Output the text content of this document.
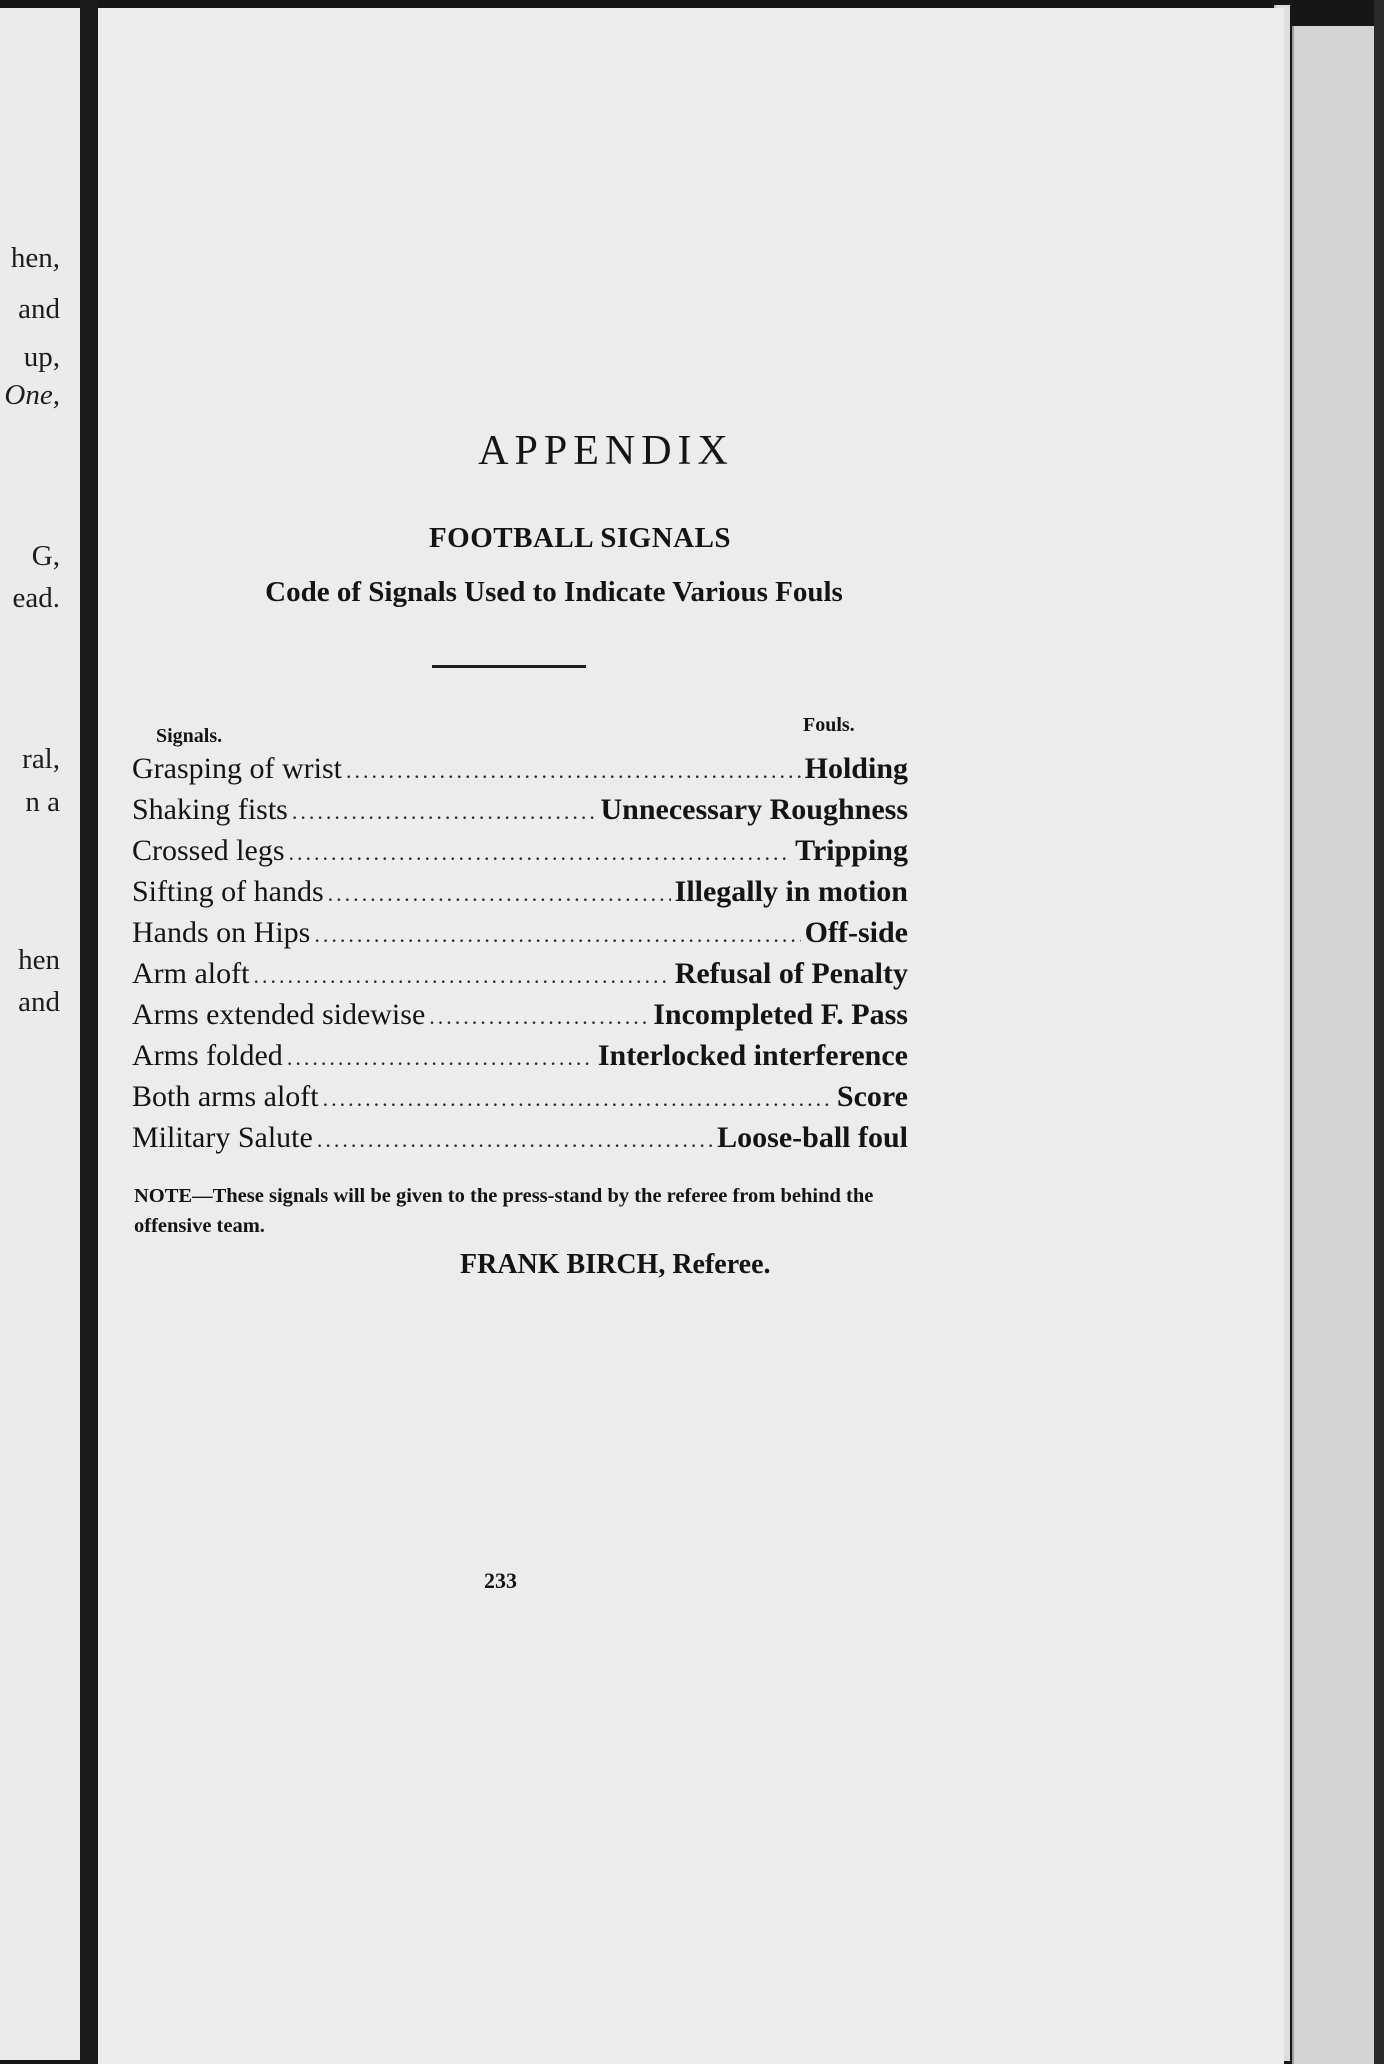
hen,
and
up,
One,
G,
ead.
ral,
n a
hen
and
APPENDIX
FOOTBALL SIGNALS
Code of Signals Used to Indicate Various Fouls
Signals.	Fouls.
Grasping of wrist .....	Holding
Shaking fists .....	Unnecessary Roughness
Crossed legs .....	Tripping
Sifting of hands .....	Illegally in motion
Hands on Hips .....	Off-side
Arm aloft .....	Refusal of Penalty
Arms extended sidewise .....	Incompleted F. Pass
Arms folded .....	Interlocked interference
Both arms aloft .....	Score
Military Salute .....	Loose-ball foul
NOTE—These signals will be given to the press-stand by the referee from behind the offensive team.
FRANK BIRCH, Referee.
233
